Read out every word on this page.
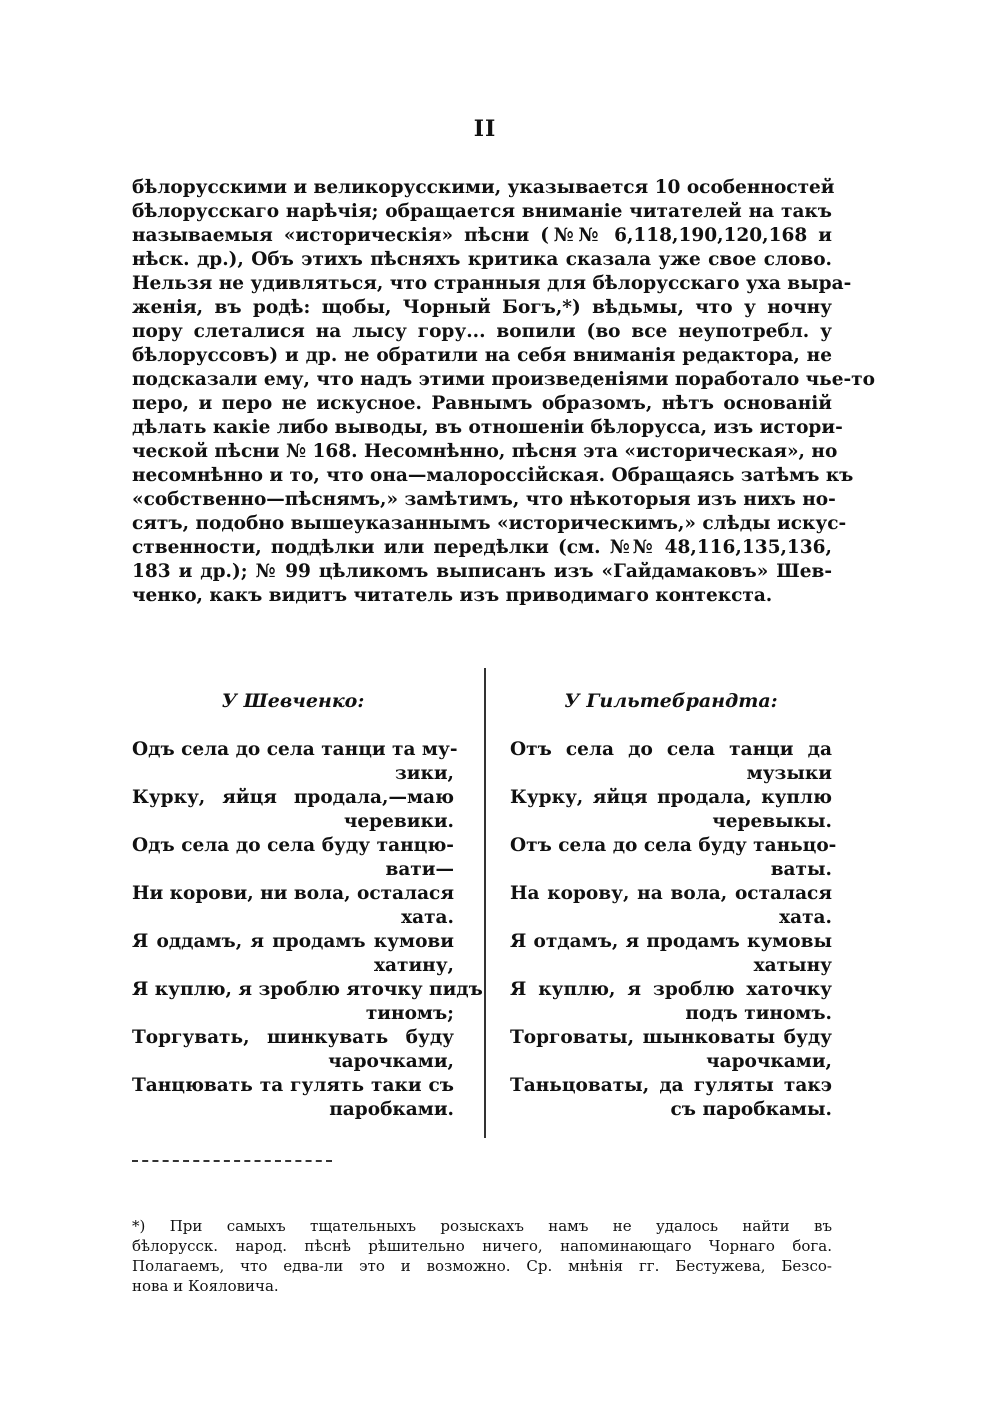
II
бѣлорусскими и великорусскими, указывается 10 особенностей
бѣлорусскаго нарѣчія; обращается вниманіе читателей на такъ
называемыя «историческія» пѣсни (№№ 6,118,190,120,168 и
нѣск. др.), Объ этихъ пѣсняхъ критика сказала уже свое слово.
Нельзя не удивляться, что странныя для бѣлорусскаго уха выра-
женія, въ родѣ: щобы, Чорный Богъ,*) вѣдьмы, что у ночну
пору слеталися на лысу гору... вопили (во все неупотребл. у
бѣлоруссовъ) и др. не обратили на себя вниманія редактора, не
подсказали ему, что надъ этими произведеніями поработало чье-то
перо, и перо не искусное. Равнымъ образомъ, нѣтъ основаній
дѣлать какіе либо выводы, въ отношеніи бѣлорусса, изъ истори-
ческой пѣсни № 168. Несомнѣнно, пѣсня эта «историческая», но
несомнѣнно и то, что она—малороссійская. Обращаясь затѣмъ къ
«собственно—пѣснямъ,» замѣтимъ, что нѣкоторыя изъ нихъ но-
сятъ, подобно вышеуказаннымъ «историческимъ,» слѣды искус-
ственности, поддѣлки или передѣлки (см. №№ 48,116,135,136,
183 и др.); № 99 цѣликомъ выписанъ изъ «Гайдамаковъ» Шев-
ченко, какъ видитъ читатель изъ приводимаго контекста.
У Шевченко:
Одъ села до села танци та му-
зики,
Курку, яйця продала,—маю
черевики.
Одъ села до села буду танцю-
вати—
Ни корови, ни вола, осталася
хата.
Я оддамъ, я продамъ кумови
хатину,
Я куплю, я зроблю яточку пидъ
тиномъ;
Торгувать, шинкувать буду
чарочками,
Танцювать та гулять таки съ
паробками.
У Гильтебрандта:
Отъ села до села танци да
музыки
Курку, яйця продала, куплю
черевыкы.
Отъ села до села буду таньцо-
ваты.
На корову, на вола, осталася
хата.
Я отдамъ, я продамъ кумовы
хатыну
Я куплю, я зроблю хаточку
подъ тиномъ.
Торговаты, шынковаты буду
чарочками,
Таньцоваты, да гуляты такэ
съ паробкамы.
*) При самыхъ тщательныхъ розыскахъ намъ не удалось найти въ
бѣлорусск. народ. пѣснѣ рѣшительно ничего, напоминающаго Чорнаго бога.
Полагаемъ, что едва-ли это и возможно. Ср. мнѣнія гг. Бестужева, Безсо-
нова и Кояловича.
